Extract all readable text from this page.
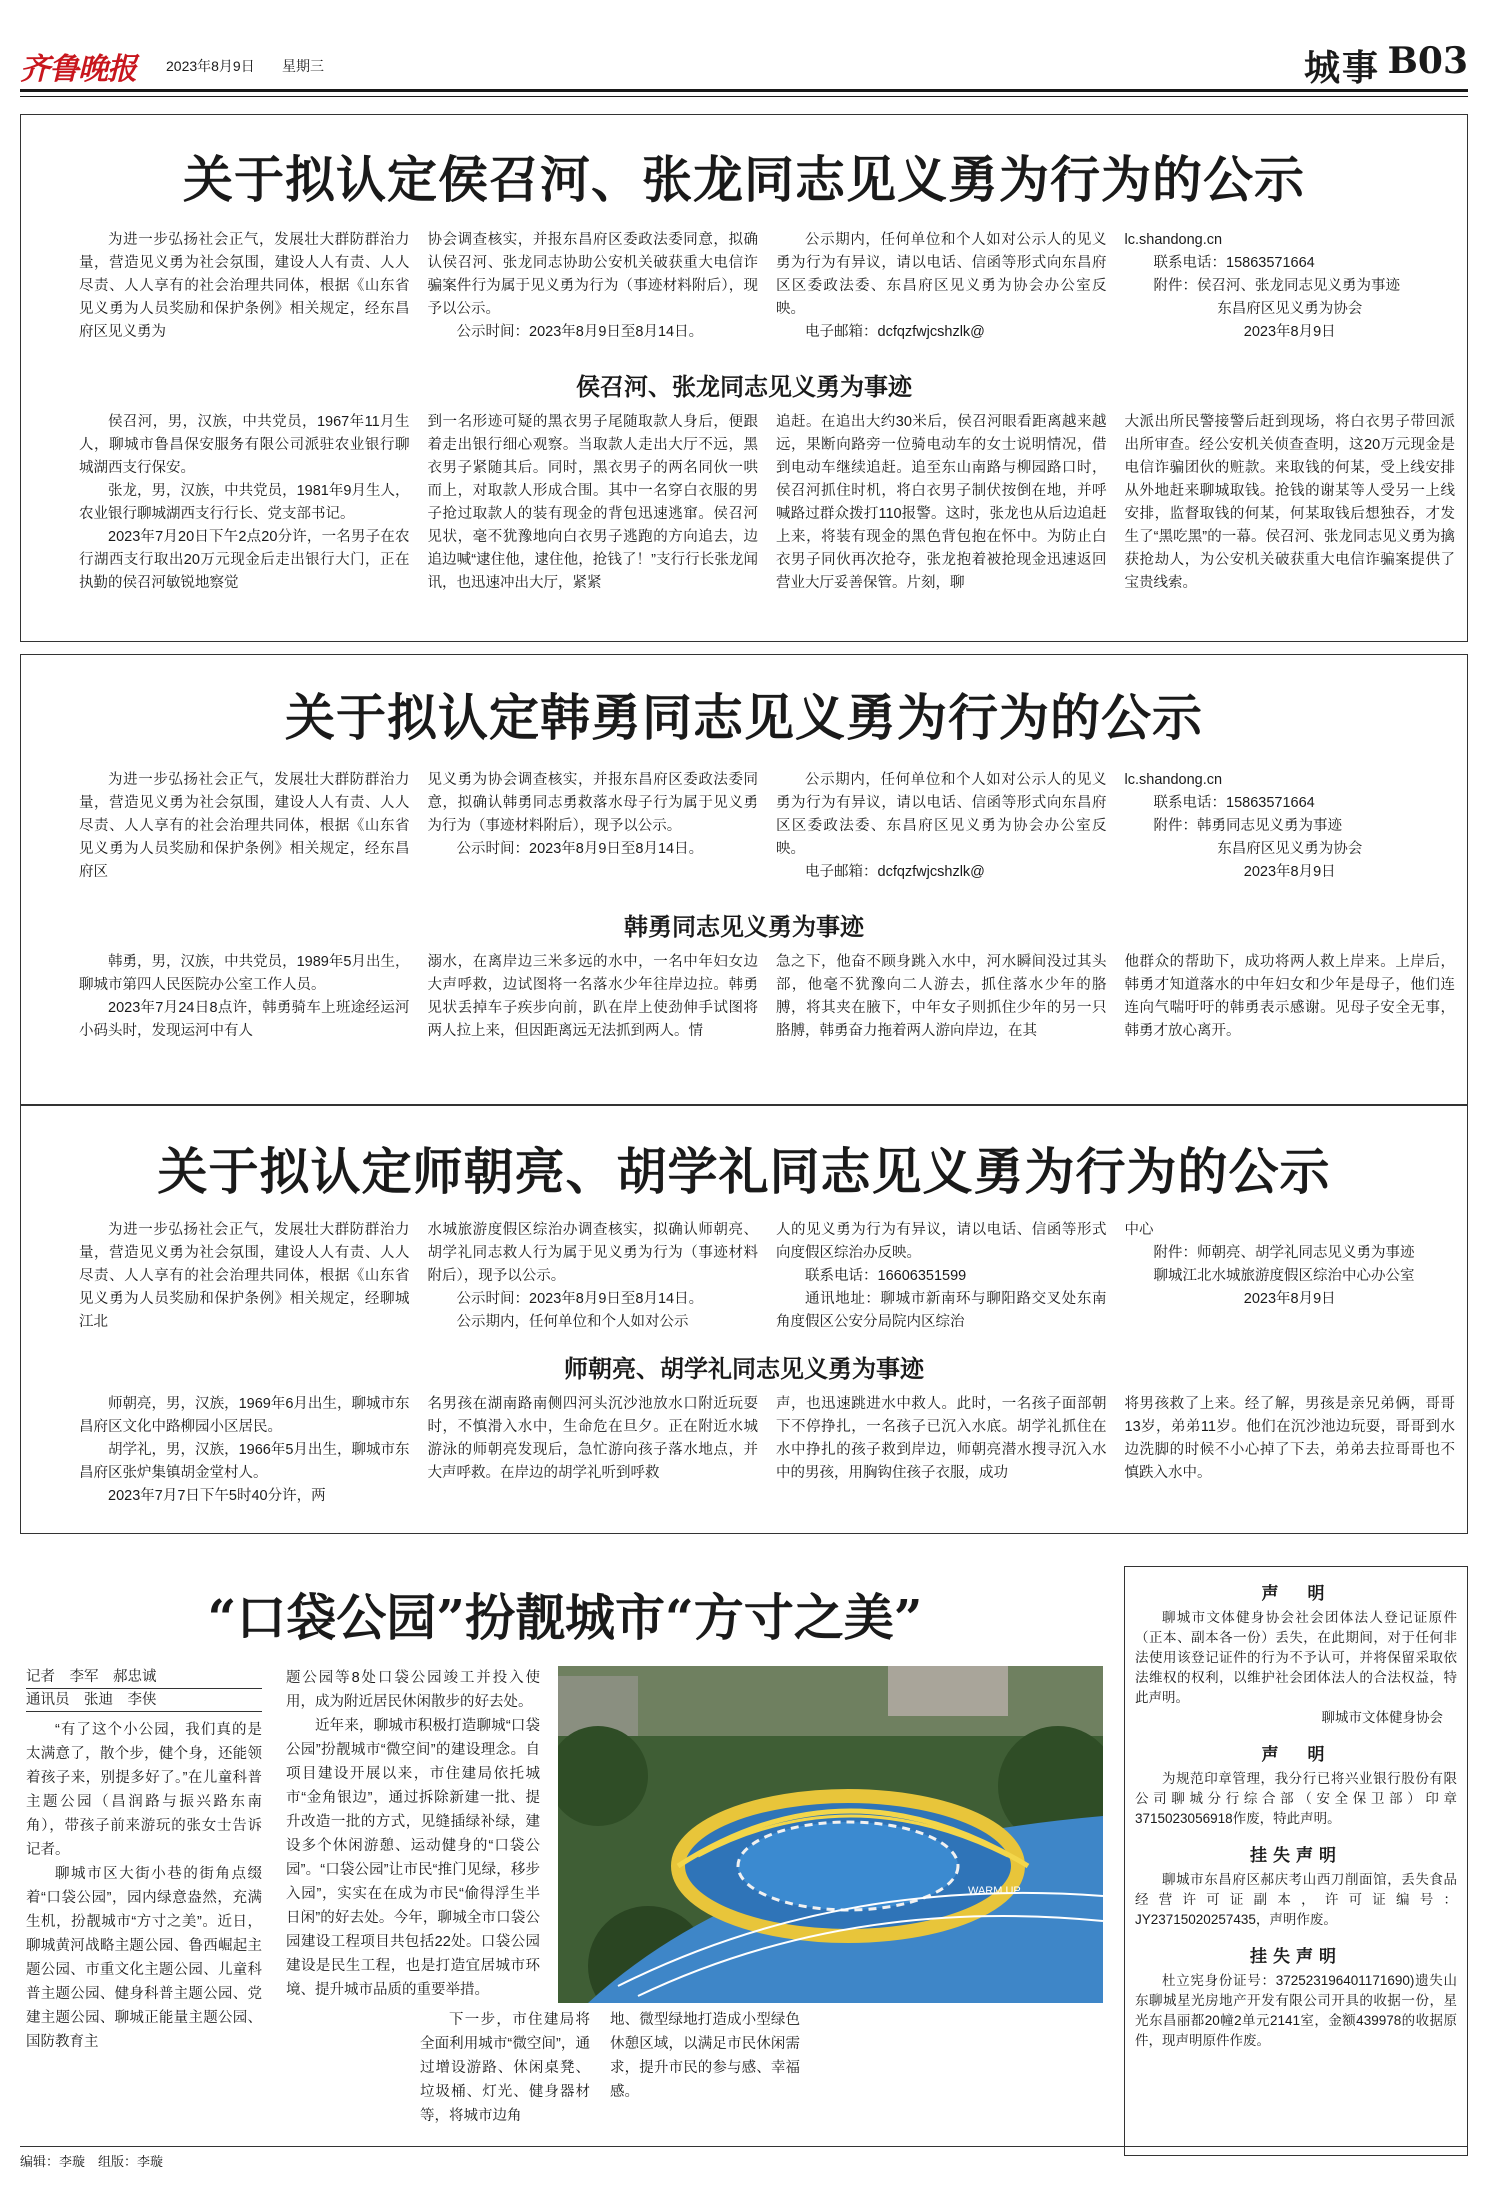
齐鲁晚报 2023年8月9日 星期三	城事 B03
关于拟认定侯召河、张龙同志见义勇为行为的公示

为进一步弘扬社会正气，发展壮大群防群治力量，营造见义勇为社会氛围，建设人人有责、人人尽责、人人享有的社会治理共同体，根据《山东省见义勇为人员奖励和保护条例》相关规定，经东昌府区见义勇为

协会调查核实，并报东昌府区委政法委同意，拟确认侯召河、张龙同志协助公安机关破获重大电信诈骗案件行为属于见义勇为行为（事迹材料附后），现予以公示。

公示时间：2023年8月9日至8月14日。

公示期内，任何单位和个人如对公示人的见义勇为行为有异议，请以电话、信函等形式向东昌府区区委政法委、东昌府区见义勇为协会办公室反映。

电子邮箱：dcfqzfwjcshzlk@

lc.shandong.cn

联系电话：15863571664

附件：侯召河、张龙同志见义勇为事迹

东昌府区见义勇为协会

2023年8月9日

侯召河、张龙同志见义勇为事迹

侯召河，男，汉族，中共党员，1967年11月生人，聊城市鲁昌保安服务有限公司派驻农业银行聊城湖西支行保安。

张龙，男，汉族，中共党员，1981年9月生人，农业银行聊城湖西支行行长、党支部书记。

2023年7月20日下午2点20分许，一名男子在农行湖西支行取出20万元现金后走出银行大门，正在执勤的侯召河敏锐地察觉

到一名形迹可疑的黑衣男子尾随取款人身后，便跟着走出银行细心观察。当取款人走出大厅不远，黑衣男子紧随其后。同时，黑衣男子的两名同伙一哄而上，对取款人形成合围。其中一名穿白衣服的男子抢过取款人的装有现金的背包迅速逃窜。侯召河见状，毫不犹豫地向白衣男子逃跑的方向追去，边追边喊“逮住他，逮住他，抢钱了！”支行行长张龙闻讯，也迅速冲出大厅，紧紧

追赶。在追出大约30米后，侯召河眼看距离越来越远，果断向路旁一位骑电动车的女士说明情况，借到电动车继续追赶。追至东山南路与柳园路口时，侯召河抓住时机，将白衣男子制伏按倒在地，并呼喊路过群众拨打110报警。这时，张龙也从后边追赶上来，将装有现金的黑色背包抱在怀中。为防止白衣男子同伙再次抢夺，张龙抱着被抢现金迅速返回营业大厅妥善保管。片刻，聊

大派出所民警接警后赶到现场，将白衣男子带回派出所审查。经公安机关侦查查明，这20万元现金是电信诈骗团伙的赃款。来取钱的何某，受上线安排从外地赶来聊城取钱。抢钱的谢某等人受另一上线安排，监督取钱的何某，何某取钱后想独吞，才发生了“黑吃黑”的一幕。侯召河、张龙同志见义勇为擒获抢劫人，为公安机关破获重大电信诈骗案提供了宝贵线索。

关于拟认定韩勇同志见义勇为行为的公示

为进一步弘扬社会正气，发展壮大群防群治力量，营造见义勇为社会氛围，建设人人有责、人人尽责、人人享有的社会治理共同体，根据《山东省见义勇为人员奖励和保护条例》相关规定，经东昌府区

见义勇为协会调查核实，并报东昌府区委政法委同意，拟确认韩勇同志勇救落水母子行为属于见义勇为行为（事迹材料附后），现予以公示。

公示时间：2023年8月9日至8月14日。

公示期内，任何单位和个人如对公示人的见义勇为行为有异议，请以电话、信函等形式向东昌府区区委政法委、东昌府区见义勇为协会办公室反映。

电子邮箱：dcfqzfwjcshzlk@

lc.shandong.cn

联系电话：15863571664

附件：韩勇同志见义勇为事迹

东昌府区见义勇为协会

2023年8月9日

韩勇同志见义勇为事迹

韩勇，男，汉族，中共党员，1989年5月出生，聊城市第四人民医院办公室工作人员。

2023年7月24日8点许，韩勇骑车上班途经运河小码头时，发现运河中有人

溺水，在离岸边三米多远的水中，一名中年妇女边大声呼救，边试图将一名落水少年往岸边拉。韩勇见状丢掉车子疾步向前，趴在岸上使劲伸手试图将两人拉上来，但因距离远无法抓到两人。情

急之下，他奋不顾身跳入水中，河水瞬间没过其头部，他毫不犹豫向二人游去，抓住落水少年的胳膊，将其夹在腋下，中年女子则抓住少年的另一只胳膊，韩勇奋力拖着两人游向岸边，在其

他群众的帮助下，成功将两人救上岸来。上岸后，韩勇才知道落水的中年妇女和少年是母子，他们连连向气喘吁吁的韩勇表示感谢。见母子安全无事，韩勇才放心离开。

关于拟认定师朝亮、胡学礼同志见义勇为行为的公示

为进一步弘扬社会正气，发展壮大群防群治力量，营造见义勇为社会氛围，建设人人有责、人人尽责、人人享有的社会治理共同体，根据《山东省见义勇为人员奖励和保护条例》相关规定，经聊城江北

水城旅游度假区综治办调查核实，拟确认师朝亮、胡学礼同志救人行为属于见义勇为行为（事迹材料附后），现予以公示。

公示时间：2023年8月9日至8月14日。

公示期内，任何单位和个人如对公示

人的见义勇为行为有异议，请以电话、信函等形式向度假区综治办反映。

联系电话：16606351599

通讯地址：聊城市新南环与聊阳路交叉处东南角度假区公安分局院内区综治

中心

附件：师朝亮、胡学礼同志见义勇为事迹

聊城江北水城旅游度假区综治中心办公室

2023年8月9日

师朝亮、胡学礼同志见义勇为事迹

师朝亮，男，汉族，1969年6月出生，聊城市东昌府区文化中路柳园小区居民。

胡学礼，男，汉族，1966年5月出生，聊城市东昌府区张炉集镇胡金堂村人。

2023年7月7日下午5时40分许，两

名男孩在湖南路南侧四河头沉沙池放水口附近玩耍时，不慎滑入水中，生命危在旦夕。正在附近水城游泳的师朝亮发现后，急忙游向孩子落水地点，并大声呼救。在岸边的胡学礼听到呼救

声，也迅速跳进水中救人。此时，一名孩子面部朝下不停挣扎，一名孩子已沉入水底。胡学礼抓住在水中挣扎的孩子救到岸边，师朝亮潜水搜寻沉入水中的男孩，用胸钩住孩子衣服，成功

将男孩救了上来。经了解，男孩是亲兄弟俩，哥哥13岁，弟弟11岁。他们在沉沙池边玩耍，哥哥到水边洗脚的时候不小心掉了下去，弟弟去拉哥哥也不慎跌入水中。

“口袋公园”扮靓城市“方寸之美”
记者　李军　郝忠诚
通讯员　张迪　李侠

“有了这个小公园，我们真的是太满意了，散个步，健个身，还能领着孩子来，别提多好了。”在儿童科普主题公园（昌润路与振兴路东南角），带孩子前来游玩的张女士告诉记者。

聊城市区大街小巷的街角点缀着“口袋公园”，园内绿意盎然，充满生机，扮靓城市“方寸之美”。近日，聊城黄河战略主题公园、鲁西崛起主题公园、市重文化主题公园、儿童科普主题公园、健身科普主题公园、党建主题公园、聊城正能量主题公园、国防教育主

题公园等8处口袋公园竣工并投入使用，成为附近居民休闲散步的好去处。

近年来，聊城市积极打造聊城“口袋公园”扮靓城市“微空间”的建设理念。自项目建设开展以来，市住建局依托城市“金角银边”，通过拆除新建一批、提升改造一批的方式，见缝插绿补绿，建设多个休闲游憩、运动健身的“口袋公园”。“口袋公园”让市民“推门见绿，移步入园”，实实在在成为市民“偷得浮生半日闲”的好去处。今年，聊城全市口袋公园建设工程项目共包括22处。口袋公园建设是民生工程，也是打造宜居城市环境、提升城市品质的重要举措。

WARM UP

下一步，市住建局将全面利用城市“微空间”，通过增设游路、休闲桌凳、垃圾桶、灯光、健身器材等，将城市边角

地、微型绿地打造成小型绿色休憩区域，以满足市民休闲需求，提升市民的参与感、幸福感。

声　明

聊城市文体健身协会社会团体法人登记证原件（正本、副本各一份）丢失，在此期间，对于任何非法使用该登记证件的行为不予认可，并将保留采取依法维权的权利，以维护社会团体法人的合法权益，特此声明。

聊城市文体健身协会

声　明

为规范印章管理，我分行已将兴业银行股份有限公司聊城分行综合部（安全保卫部）印章3715023056918作废，特此声明。

挂失声明

聊城市东昌府区郝庆考山西刀削面馆，丢失食品经营许可证副本，许可证编号：JY23715020257435，声明作废。

挂失声明

杜立宪身份证号：372523196401171690)遗失山东聊城星光房地产开发有限公司开具的收据一份，星光东昌丽都20幢2单元2141室，金额439978的收据原件，现声明原件作废。

编辑：李璇　组版：李璇
